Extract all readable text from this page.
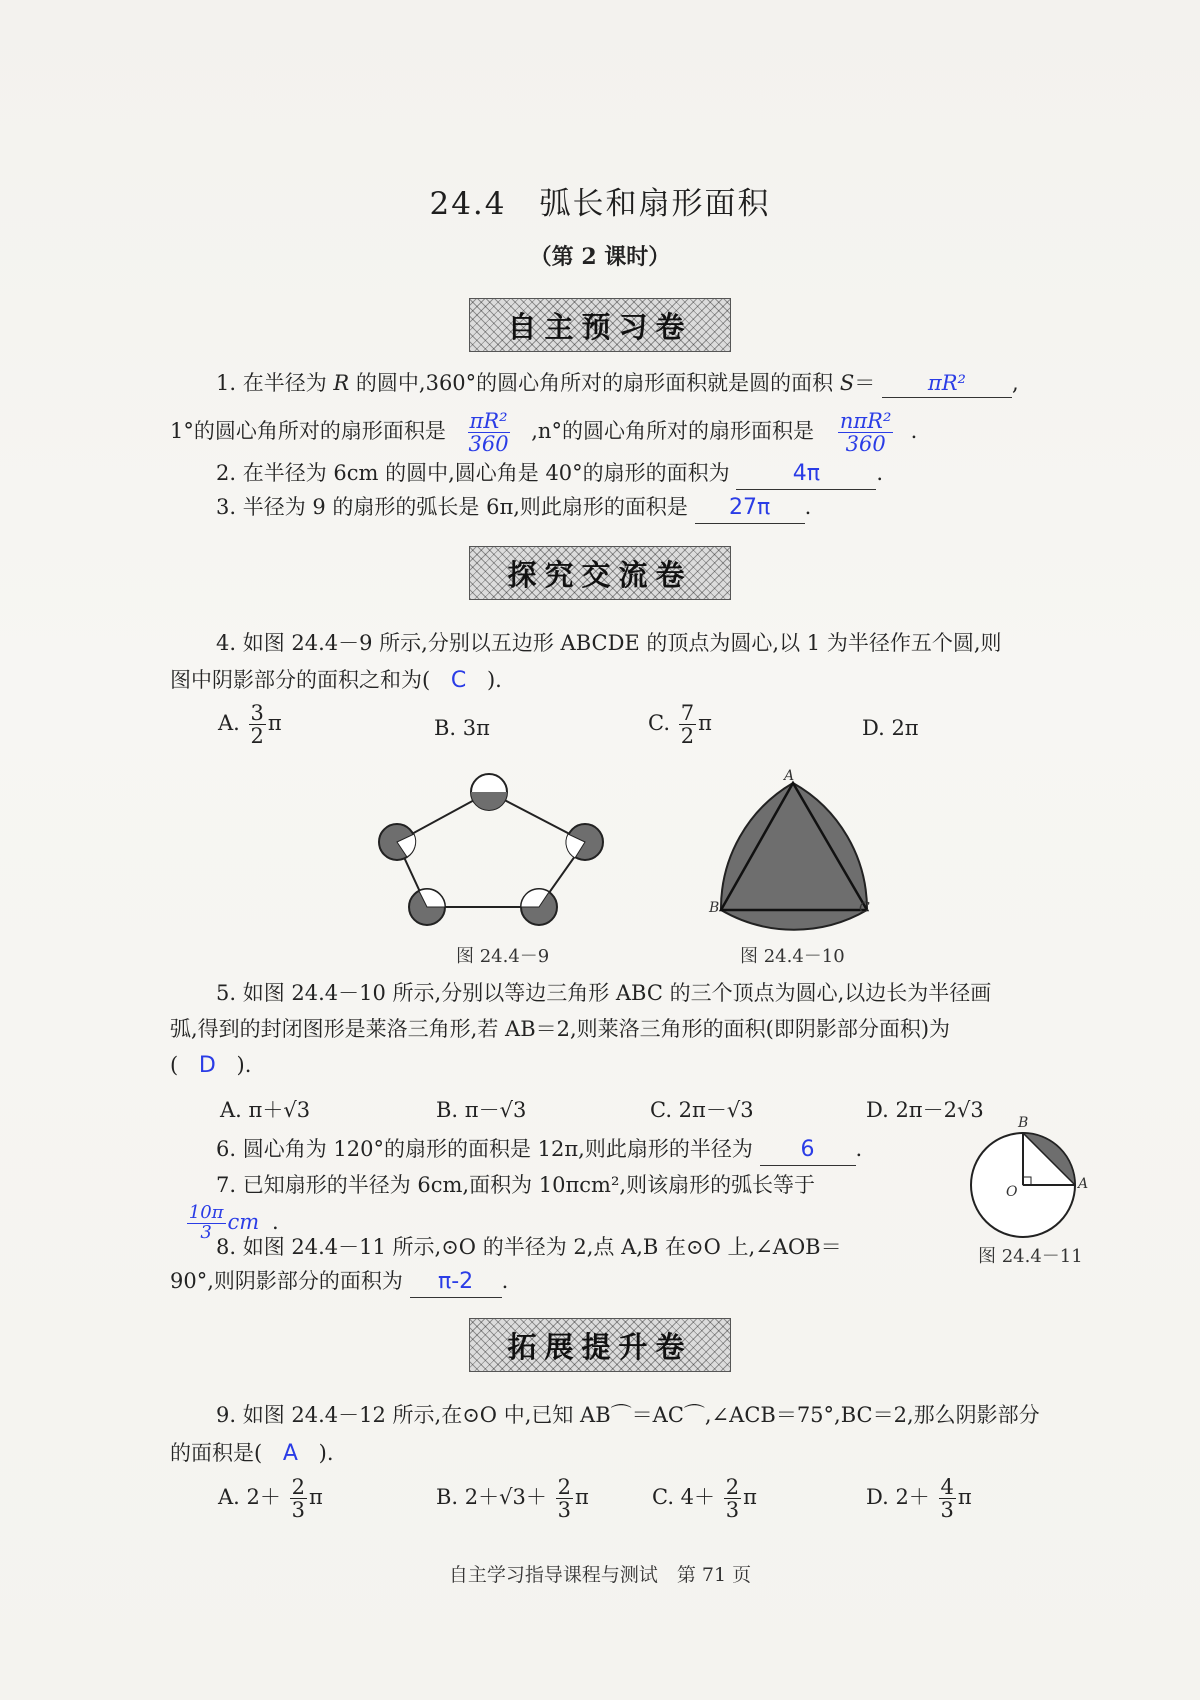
24.4　弧长和扇形面积
（第 2 课时）
自主预习卷
1. 在半径为 R 的圆中,360°的圆心角所对的扇形面积就是圆的面积 S＝	πR² ,
1°的圆心角所对的扇形面积是 $\frac{\text{πR²}}{360} ,n^\circ$的圆心角所对的扇形面积是 $\frac{\text{nπR²}}{360}$ .
2. 在半径为 6cm 的圆中,圆心角是 40°的扇形的面积为	4π	.
3. 半径为 9 的扇形的弧长是 6π,则此扇形的面积是 27π .
探究交流卷
4. 如图 24.4－9 所示,分别以五边形 ABCDE 的顶点为圆心,以 1 为半径作五个圆,则
图中阴影部分的面积之和为( C ).
A. $\frac{3}{2}$ π	B. 3π	C. $\frac{7}{2}$ π	D. 2π
图 24.4－9
A
B	C
图 24.4－10
5. 如图 24.4－10 所示,分别以等边三角形 ABC 的三个顶点为圆心,以边长为半径画
弧,得到的封闭图形是莱洛三角形,若 AB＝2,则莱洛三角形的面积(即阴影部分面积)为
( D ).
A. π＋√3	B. π－√3	C. 2π－√3	D. 2π－2√3
6. 圆心角为 120°的扇形的面积是 12π,则此扇形的半径为 6 .
7. 已知扇形的半径为 6cm,面积为 10πcm²,则该扇形的弧长等于
$\frac{10\pi}{3}$ cm .
B
O	A
图 24.4－11
8. 如图 24.4－11 所示,⊙O 的半径为 2,点 A,B 在⊙O 上,∠AOB＝
90°,则阴影部分的面积为 π-2 .
拓展提升卷
9. 如图 24.4－12 所示,在⊙O 中,已知 AB⌒＝AC⌒,∠ACB＝75°,BC＝2,那么阴影部分
的面积是( A ).
自主学习指导课程与测试　第 71 页
A. $2+ \frac{2}{3}$ π	B. $2+√3+ \frac{2}{3}$ π	C. $4+ \frac{2}{3}$ π	D. $2+ \frac{4}{3}$ π
